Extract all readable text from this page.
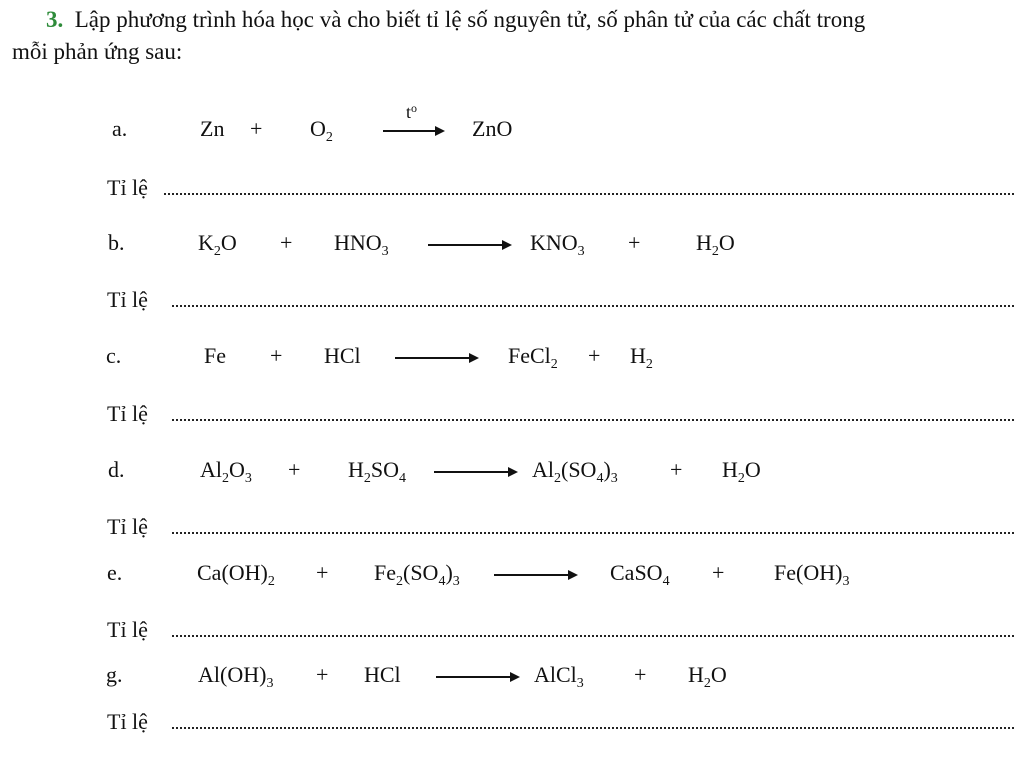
3. Lập phương trình hóa học và cho biết tỉ lệ số nguyên tử, số phân tử của các chất trong
mỗi phản ứng sau:
a.	$Zn + O_2$	ZnO
$t^o$
Tỉ lệ
b.	$K_2O + HNO_3$	$KNO_3$ +	$H_2O$
Tỉ lệ
c.	Fe + HCl	FeCl$_2$ + $H_2$
Tỉ lệ
d.	$Al_2O_3 + H_2SO_4$	$Al_2(SO_4)_3 + H_2O$
Tỉ lệ
e.	$Ca(OH)_2 + Fe_2(SO_4)_3$	CaSO$_4$ + $Fe(OH)_3$
Tỉ lệ
g.	$Al(OH)_3$ + HCl	AlCl$_3$ + $H_2O$
Tỉ lệ
